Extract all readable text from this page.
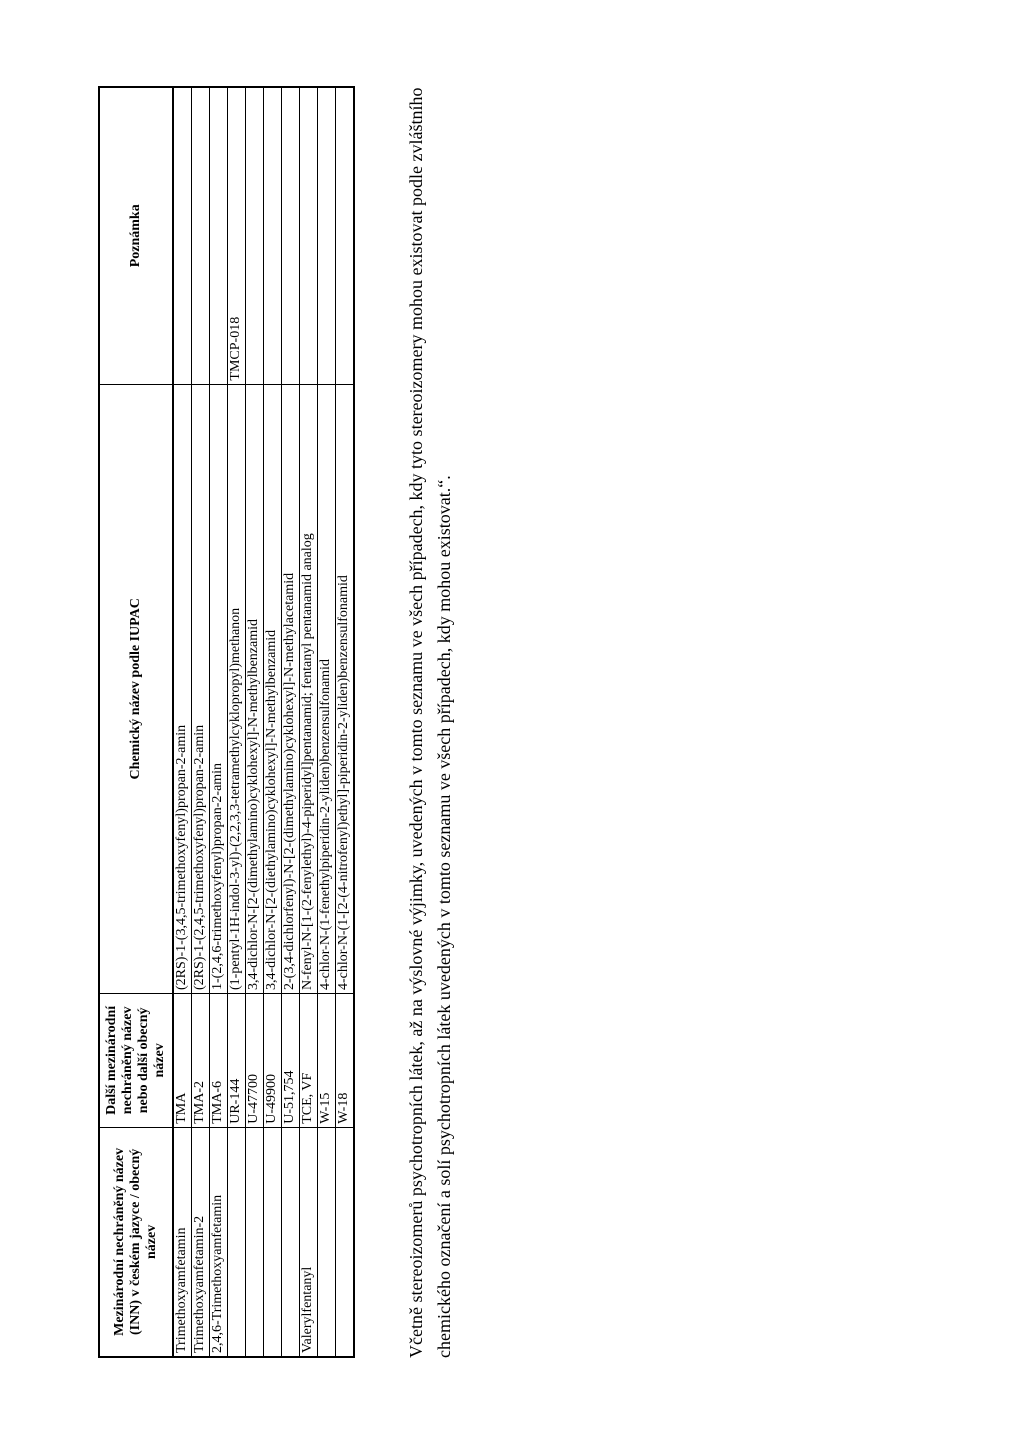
Mezinárodní nechráněný název (INN) v českém jazyce / obecný název	Další mezinárodní nechráněný název nebo další obecný název	Chemický název podle IUPAC	Poznámka
Trimethoxyamfetamin	TMA	(2RS)-1-(3,4,5-trimethoxyfenyl)propan-2-amin	
Trimethoxyamfetamin-2	TMA-2	(2RS)-1-(2,4,5-trimethoxyfenyl)propan-2-amin	
2,4,6-Trimethoxyamfetamin	TMA-6	1-(2,4,6-trimethoxyfenyl)propan-2-amin	
	UR-144	(1-pentyl-1H-indol-3-yl)-(2,2,3,3-tetramethylcyklopropyl)methanon	TMCP-018
	U-47700	3,4-dichlor-N-[2-(dimethylamino)cyklohexyl]-N-methylbenzamid	
	U-49900	3,4-dichlor-N-[2-(diethylamino)cyklohexyl]-N-methylbenzamid	
	U-51,754	2-(3,4-dichlorfenyl)-N-[2-(dimethylamino)cyklohexyl]-N-methylacetamid	
Valerylfentanyl	TCE, VF	N-fenyl-N-[1-(2-fenylethyl)-4-piperidyl]pentanamid; fentanyl pentanamid analog	
	W-15	4-chlor-N-(1-fenethylpiperidin-2-yliden)benzensulfonamid	
	W-18	4-chlor-N-(1-[2-(4-nitrofenyl)ethyl]-piperidin-2-yliden)benzensulfonamid		Včetně stereoizomerů psychotropních látek, až na výslovné výjimky, uvedených v tomto seznamu ve všech případech, kdy tyto stereoizomery mohou existovat podle zvláštního chemického označení a solí psychotropních látek uvedených v tomto seznamu ve všech případech, kdy mohou existovat.“.
